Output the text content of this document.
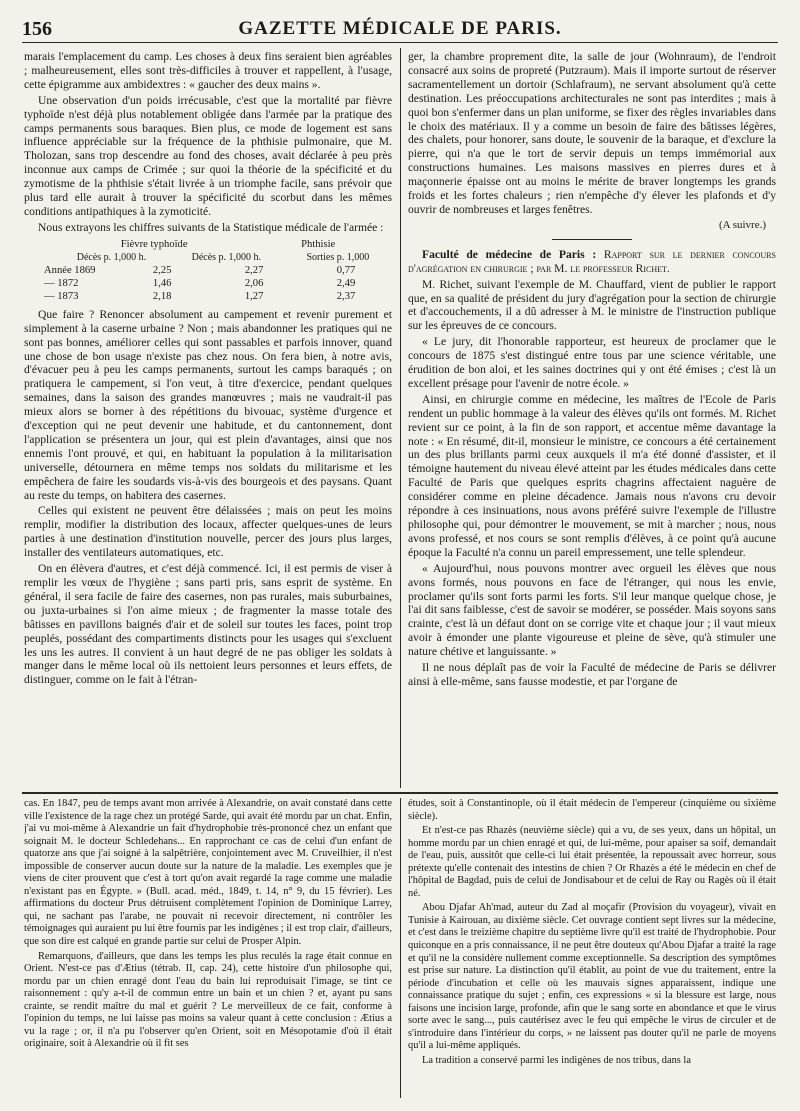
156	GAZETTE MÉDICALE DE PARIS.

marais l'emplacement du camp. Les choses à deux fins seraient bien agréables ; malheureusement, elles sont très-difficiles à trouver et rappellent, à l'usage, cette épigramme aux ambidextres : « gaucher des deux mains ».

Une observation d'un poids irrécusable, c'est que la mortalité par fièvre typhoïde n'est déjà plus notablement obligée dans l'armée par la pratique des camps permanents sous baraques. Bien plus, ce mode de logement est sans influence appréciable sur la fréquence de la phthisie pulmonaire, que M. Tholozan, sans trop descendre au fond des choses, avait déclarée à peu près inconnue aux camps de Crimée ; sur quoi la théorie de la spécificité et du zymotisme de la phthisie s'était livrée à un triomphe facile, sans prévoir que plus tard elle aurait à trouver la spécificité du scorbut dans les mêmes conditions antipathiques à la zymoticité.

Nous extrayons les chiffres suivants de la Statistique médicale de l'armée :

Fièvre typhoïde	Phthisie
Décès p. 1,000 h.	Décès p. 1,000 h.	Sorties p. 1,000
Année 1869	2,25	2,27	0,77
— 1872	1,46	2,06	2,49
— 1873	2,18	1,27	2,37

Que faire ? Renoncer absolument au campement et revenir purement et simplement à la caserne urbaine ? Non ; mais abandonner les pratiques qui ne sont pas bonnes, améliorer celles qui sont passables et parfois innover, quand une chose de bon usage n'existe pas chez nous. On fera bien, à notre avis, d'évacuer peu à peu les camps permanents, surtout les camps baraqués ; on pratiquera le campement, si l'on veut, à titre d'exercice, pendant quelques semaines, dans la saison des grandes manœuvres ; mais ne vaudrait-il pas mieux alors se borner à des répétitions du bivouac, système d'urgence et d'exception qui ne peut devenir une habitude, et du cantonnement, dont l'application se présentera un jour, qui est plein d'avantages, ainsi que nos ennemis l'ont prouvé, et qui, en habituant la population à la militarisation universelle, détournera en même temps nos soldats du militarisme et les empêchera de faire les soudards vis-à-vis des bourgeois et des paysans. Quant au reste du temps, on habitera des casernes.

Celles qui existent ne peuvent être délaissées ; mais on peut les moins remplir, modifier la distribution des locaux, affecter quelques-unes de leurs parties à une destination d'institution nouvelle, percer des jours plus larges, installer des ventilateurs automatiques, etc.

On en élèvera d'autres, et c'est déjà commencé. Ici, il est permis de viser à remplir les vœux de l'hygiène ; sans parti pris, sans esprit de système. En général, il sera facile de faire des casernes, non pas rurales, mais suburbaines, ou juxta-urbaines si l'on aime mieux ; de fragmenter la masse totale des bâtisses en pavillons baignés d'air et de soleil sur toutes les faces, point trop peuplés, possédant des compartiments distincts pour les usages qui s'excluent les uns les autres. Il convient à un haut degré de ne pas obliger les soldats à manger dans le même local où ils nettoient leurs personnes et leurs effets, de distinguer, comme on le fait à l'étran-

ger, la chambre proprement dite, la salle de jour (Wohnraum), de l'endroit consacré aux soins de propreté (Putzraum). Mais il importe surtout de réserver sacramentellement un dortoir (Schlafraum), ne servant absolument qu'à cette destination. Les préoccupations architecturales ne sont pas interdites ; mais à quoi bon s'enfermer dans un plan uniforme, se fixer des règles invariables dans le choix des matériaux. Il y a comme un besoin de faire des bâtisses légères, des chalets, pour honorer, sans doute, le souvenir de la baraque, et d'exclure la pierre, qui n'a que le tort de servir depuis un temps immémorial aux constructions humaines. Les maisons massives en pierres dures et à maçonnerie épaisse ont au moins le mérite de braver longtemps les grands froids et les fortes chaleurs ; rien n'empêche d'y élever les plafonds et d'y ouvrir de nombreuses et larges fenêtres.

(A suivre.)

Faculté de médecine de Paris : Rapport sur le dernier concours d'agrégation en chirurgie ; par M. le professeur Richet.

M. Richet, suivant l'exemple de M. Chauffard, vient de publier le rapport que, en sa qualité de président du jury d'agrégation pour la section de chirurgie et d'accouchements, il a dû adresser à M. le ministre de l'instruction publique sur les épreuves de ce concours.

« Le jury, dit l'honorable rapporteur, est heureux de proclamer que le concours de 1875 s'est distingué entre tous par une science véritable, une érudition de bon aloi, et les saines doctrines qui y ont été émises ; c'est là un excellent présage pour l'avenir de notre école. »

Ainsi, en chirurgie comme en médecine, les maîtres de l'Ecole de Paris rendent un public hommage à la valeur des élèves qu'ils ont formés. M. Richet revient sur ce point, à la fin de son rapport, et accentue même davantage la note : « En résumé, dit-il, monsieur le ministre, ce concours a été certainement un des plus brillants parmi ceux auxquels il m'a été donné d'assister, et il témoigne hautement du niveau élevé atteint par les études médicales dans cette Faculté de Paris que quelques esprits chagrins affectaient naguère de considérer comme en pleine décadence. Jamais nous n'avons cru devoir répondre à ces insinuations, nous avons préféré suivre l'exemple de l'illustre philosophe qui, pour démontrer le mouvement, se mit à marcher ; nous, nous avons professé, et nos cours se sont remplis d'élèves, à ce point qu'à aucune époque la Faculté n'a connu un pareil empressement, une telle splendeur.

« Aujourd'hui, nous pouvons montrer avec orgueil les élèves que nous avons formés, nous pouvons en face de l'étranger, qui nous les envie, proclamer qu'ils sont forts parmi les forts. S'il leur manque quelque chose, je l'ai dit sans faiblesse, c'est de savoir se modérer, se posséder. Mais soyons sans crainte, c'est là un défaut dont on se corrige vite et chaque jour ; il vaut mieux avoir à émonder une plante vigoureuse et pleine de sève, qu'à stimuler une nature chétive et languissante. »

Il ne nous déplaît pas de voir la Faculté de médecine de Paris se délivrer ainsi à elle-même, sans fausse modestie, et par l'organe de

cas. En 1847, peu de temps avant mon arrivée à Alexandrie, on avait constaté dans cette ville l'existence de la rage chez un protégé Sarde, qui avait été mordu par un chat. Enfin, j'ai vu moi-même à Alexandrie un fait d'hydrophobie très-prononcé chez un enfant que soignait M. le docteur Schledehans... En rapprochant ce cas de celui d'un enfant de quatorze ans que j'ai soigné à la salpêtrière, conjointement avec M. Cruveilhier, il n'est impossible de conserver aucun doute sur la nature de la maladie. Les exemples que je viens de citer prouvent que c'est à tort qu'on avait regardé la rage comme une maladie n'existant pas en Égypte. » (Bull. acad. méd., 1849, t. 14, n° 9, du 15 février). Les affirmations du docteur Prus détruisent complètement l'opinion de Dominique Larrey, qui, ne sachant pas l'arabe, ne pouvait ni recevoir directement, ni contrôler les témoignages qui auraient pu lui être fournis par les indigènes ; il est trop clair, d'ailleurs, que son dire est calqué en grande partie sur celui de Prosper Alpin.

Remarquons, d'ailleurs, que dans les temps les plus reculés la rage était connue en Orient. N'est-ce pas d'Ætius (tétrab. II, cap. 24), cette histoire d'un philosophe qui, mordu par un chien enragé dont l'eau du bain lui reproduisait l'image, se tint ce raisonnement : qu'y a-t-il de commun entre un bain et un chien ? et, ayant pu sans crainte, se rendit maître du mal et guérit ? Le merveilleux de ce fait, conforme à l'opinion du temps, ne lui laisse pas moins sa valeur quant à cette conclusion : Ætius a vu la rage ; or, il n'a pu l'observer qu'en Orient, soit en Mésopotamie d'où il était originaire, soit à Alexandrie où il fit ses

études, soit à Constantinople, où il était médecin de l'empereur (cinquième ou sixième siècle).

Et n'est-ce pas Rhazès (neuvième siècle) qui a vu, de ses yeux, dans un hôpital, un homme mordu par un chien enragé et qui, de lui-même, pour apaiser sa soif, demandait de l'eau, puis, aussitôt que celle-ci lui était présentée, la repoussait avec horreur, sous prétexte qu'elle contenait des intestins de chien ? Or Rhazès a été le médecin en chef de l'hôpital de Bagdad, puis de celui de Jondisabour et de celui de Ray ou Ragès où il était né.

Abou Djafar Ah'mad, auteur du Zad al moçafir (Provision du voyageur), vivait en Tunisie à Kairouan, au dixième siècle. Cet ouvrage contient sept livres sur la médecine, et c'est dans le treizième chapitre du septième livre qu'il est traité de l'hydrophobie. Pour quiconque en a pris connaissance, il ne peut être douteux qu'Abou Djafar a traité la rage et qu'il ne la considère nullement comme exceptionnelle. Sa description des symptômes est prise sur nature. La distinction qu'il établit, au point de vue du traitement, entre la période d'incubation et celle où les mauvais signes apparaissent, indique une connaissance pratique du sujet ; enfin, ces expressions « si la blessure est large, nous faisons une incision large, profonde, afin que le sang sorte en abondance et que le virus sorte avec le sang..., puis cautérisez avec le feu qui empêche le virus de circuler et de s'introduire dans l'intérieur du corps, » ne laissent pas douter qu'il ne parle de moyens qu'il a lui-même appliqués.

La tradition a conservé parmi les indigènes de nos tribus, dans la
